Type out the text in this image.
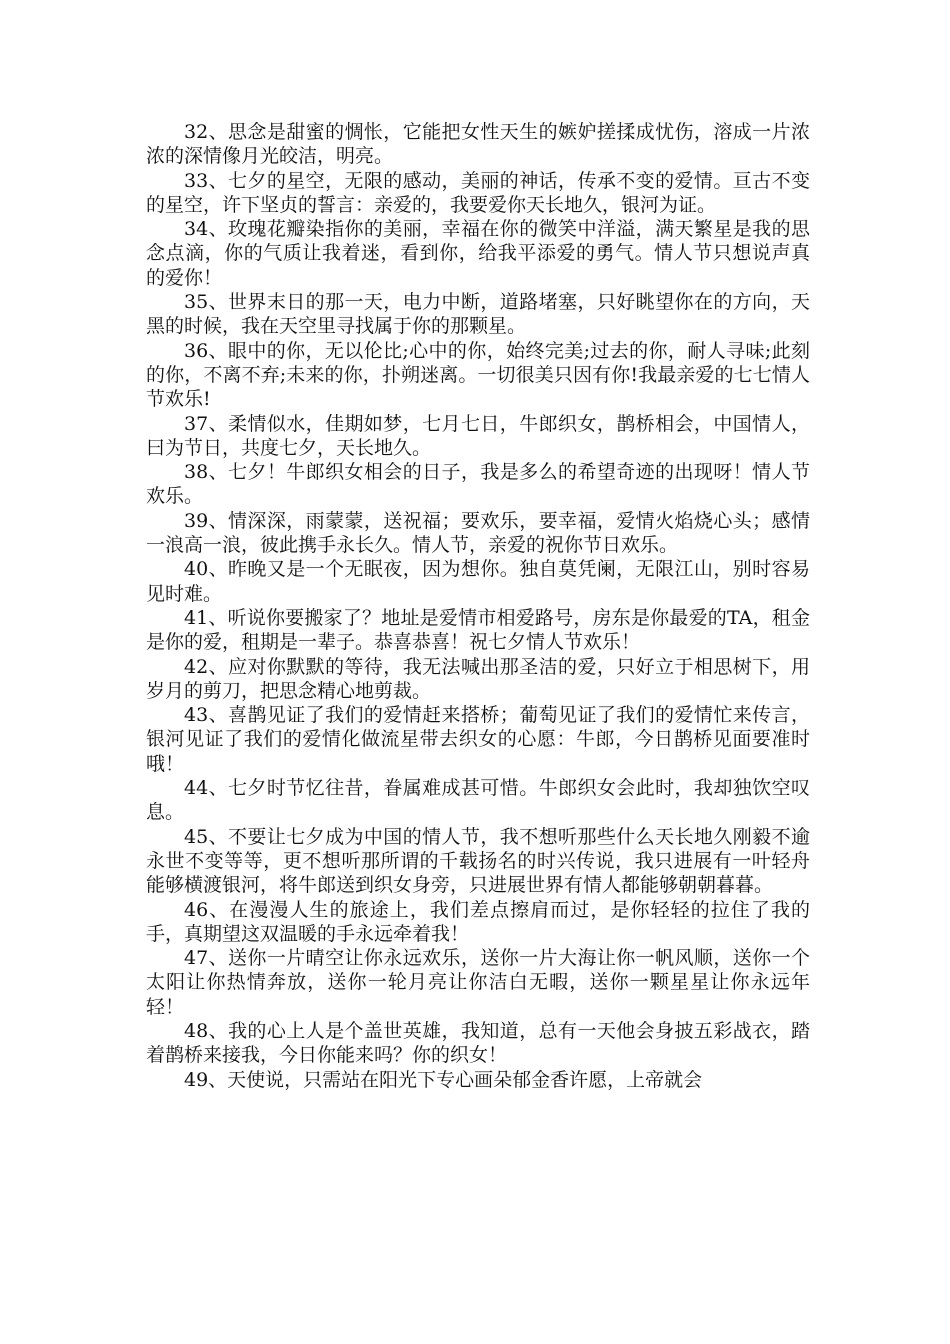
32、思念是甜蜜的惆怅，它能把女性天生的嫉妒搓揉成忧伤，溶成一片浓浓的深情像月光皎洁，明亮。

33、七夕的星空，无限的感动，美丽的神话，传承不变的爱情。亘古不变的星空，许下坚贞的誓言：亲爱的，我要爱你天长地久，银河为证。

34、玫瑰花瓣染指你的美丽，幸福在你的微笑中洋溢，满天繁星是我的思念点滴，你的气质让我着迷，看到你，给我平添爱的勇气。情人节只想说声真的爱你！

35、世界末日的那一天，电力中断，道路堵塞，只好眺望你在的方向，天黑的时候，我在天空里寻找属于你的那颗星。

36、眼中的你，无以伦比;心中的你，始终完美;过去的你，耐人寻味;此刻的你，不离不弃;未来的你，扑朔迷离。一切很美只因有你!我最亲爱的七七情人节欢乐!

37、柔情似水，佳期如梦，七月七日，牛郎织女，鹊桥相会，中国情人，曰为节日，共度七夕，天长地久。

38、七夕！牛郎织女相会的日子，我是多么的希望奇迹的出现呀！情人节欢乐。

39、情深深，雨蒙蒙，送祝福；要欢乐，要幸福，爱情火焰烧心头；感情一浪高一浪，彼此携手永长久。情人节，亲爱的祝你节日欢乐。

40、昨晚又是一个无眠夜，因为想你。独自莫凭阑，无限江山，别时容易见时难。

41、听说你要搬家了？地址是爱情市相爱路号，房东是你最爱的TA，租金是你的爱，租期是一辈子。恭喜恭喜！祝七夕情人节欢乐！

42、应对你默默的等待，我无法喊出那圣洁的爱，只好立于相思树下，用岁月的剪刀，把思念精心地剪裁。

43、喜鹊见证了我们的爱情赶来搭桥；葡萄见证了我们的爱情忙来传言，银河见证了我们的爱情化做流星带去织女的心愿：牛郎，今日鹊桥见面要准时哦！

44、七夕时节忆往昔，眷属难成甚可惜。牛郎织女会此时，我却独饮空叹息。

45、不要让七夕成为中国的情人节，我不想听那些什么天长地久刚毅不逾永世不变等等，更不想听那所谓的千载扬名的时兴传说，我只进展有一叶轻舟能够横渡银河，将牛郎送到织女身旁，只进展世界有情人都能够朝朝暮暮。

46、在漫漫人生的旅途上，我们差点擦肩而过，是你轻轻的拉住了我的手，真期望这双温暖的手永远牵着我！

47、送你一片晴空让你永远欢乐，送你一片大海让你一帆风顺，送你一个太阳让你热情奔放，送你一轮月亮让你洁白无暇，送你一颗星星让你永远年轻！

48、我的心上人是个盖世英雄，我知道，总有一天他会身披五彩战衣，踏着鹊桥来接我，今日你能来吗？你的织女！

49、天使说，只需站在阳光下专心画朵郁金香许愿，上帝就会
